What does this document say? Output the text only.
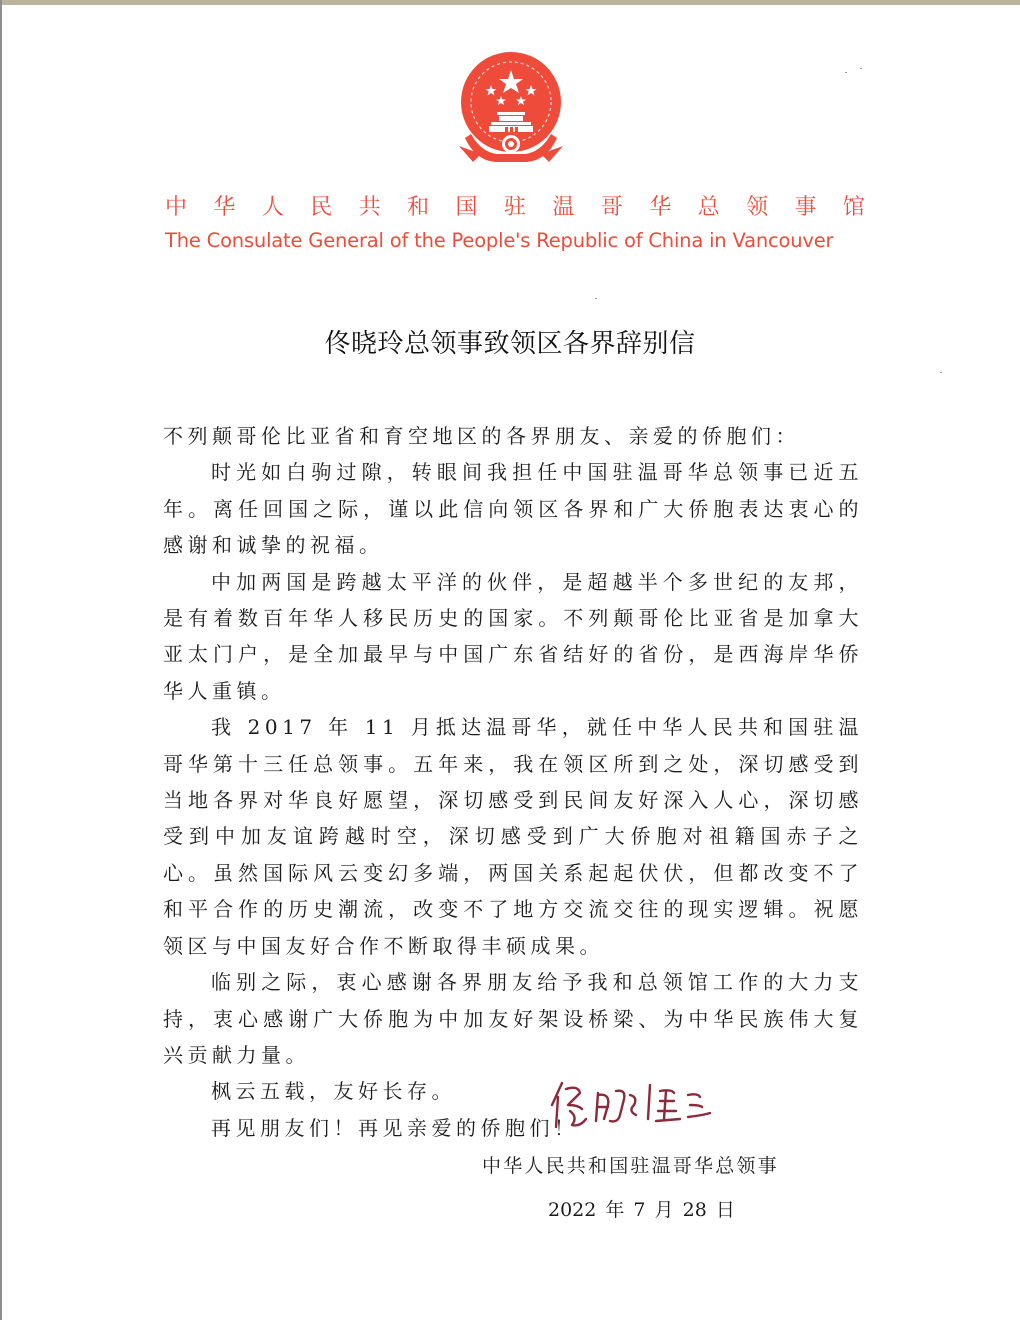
中 华 人 民 共 和 国 驻 温 哥 华 总 领 事 馆
The Consulate General of the People's Republic of China in Vancouver
佟晓玲总领事致领区各界辞别信

不列颠哥伦比亚省和育空地区的各界朋友、亲爱的侨胞们：

时光如白驹过隙，转眼间我担任中国驻温哥华总领事已近五年。离任回国之际，谨以此信向领区各界和广大侨胞表达衷心的感谢和诚挚的祝福。

中加两国是跨越太平洋的伙伴，是超越半个多世纪的友邦，是有着数百年华人移民历史的国家。不列颠哥伦比亚省是加拿大亚太门户，是全加最早与中国广东省结好的省份，是西海岸华侨华人重镇。

我 2017 年 11 月抵达温哥华，就任中华人民共和国驻温哥华第十三任总领事。五年来，我在领区所到之处，深切感受到当地各界对华良好愿望，深切感受到民间友好深入人心，深切感受到中加友谊跨越时空，深切感受到广大侨胞对祖籍国赤子之心。虽然国际风云变幻多端，两国关系起起伏伏，但都改变不了和平合作的历史潮流，改变不了地方交流交往的现实逻辑。祝愿领区与中国友好合作不断取得丰硕成果。

临别之际，衷心感谢各界朋友给予我和总领馆工作的大力支持，衷心感谢广大侨胞为中加友好架设桥梁、为中华民族伟大复兴贡献力量。

枫云五载，友好长存。

再见朋友们！再见亲爱的侨胞们！

中华人民共和国驻温哥华总领事
2022 年 7 月 28 日
